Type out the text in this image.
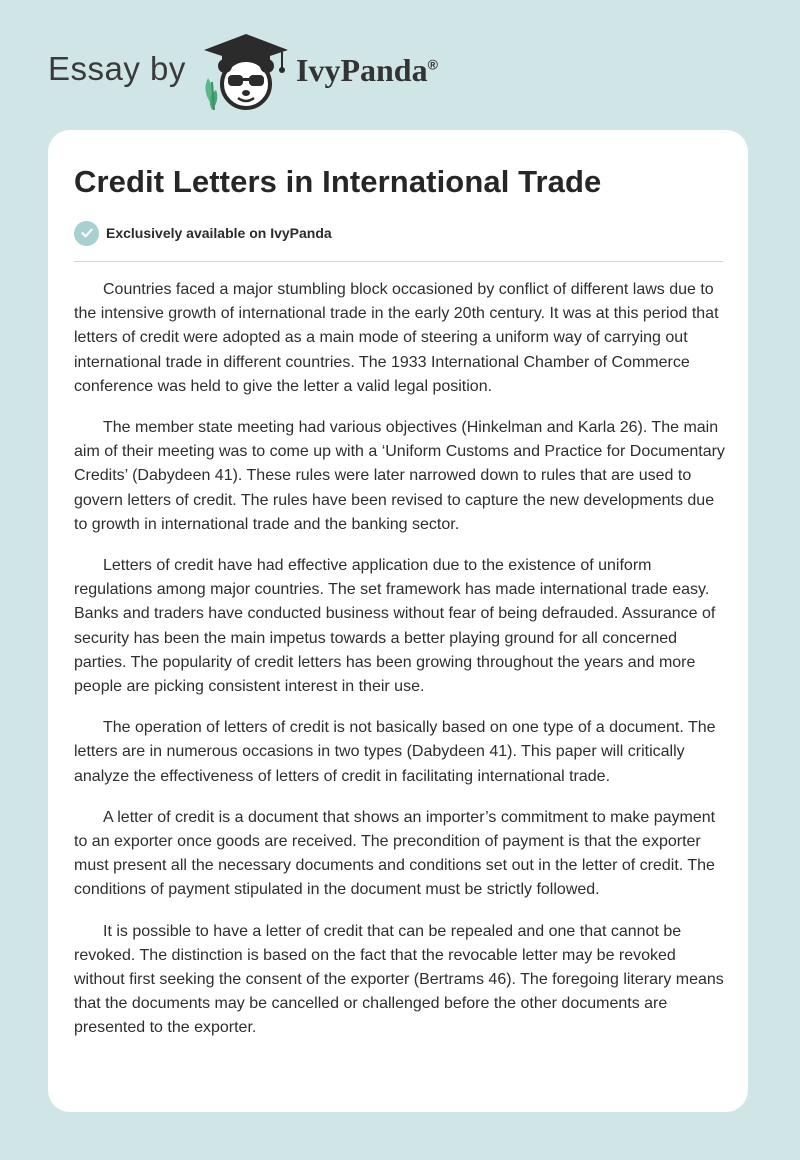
Essay by	IvyPanda®
Credit Letters in International Trade
Exclusively available on IvyPanda

Countries faced a major stumbling block occasioned by conflict of different laws due to the intensive growth of international trade in the early 20th century. It was at this period that letters of credit were adopted as a main mode of steering a uniform way of carrying out international trade in different countries. The 1933 International Chamber of Commerce conference was held to give the letter a valid legal position.

The member state meeting had various objectives (Hinkelman and Karla 26). The main aim of their meeting was to come up with a ‘Uniform Customs and Practice for Documentary Credits’ (Dabydeen 41). These rules were later narrowed down to rules that are used to govern letters of credit. The rules have been revised to capture the new developments due to growth in international trade and the banking sector.

Letters of credit have had effective application due to the existence of uniform regulations among major countries. The set framework has made international trade easy. Banks and traders have conducted business without fear of being defrauded. Assurance of security has been the main impetus towards a better playing ground for all concerned parties. The popularity of credit letters has been growing throughout the years and more people are picking consistent interest in their use.

The operation of letters of credit is not basically based on one type of a document. The letters are in numerous occasions in two types (Dabydeen 41). This paper will critically analyze the effectiveness of letters of credit in facilitating international trade.

A letter of credit is a document that shows an importer’s commitment to make payment to an exporter once goods are received. The precondition of payment is that the exporter must present all the necessary documents and conditions set out in the letter of credit. The conditions of payment stipulated in the document must be strictly followed.

It is possible to have a letter of credit that can be repealed and one that cannot be revoked. The distinction is based on the fact that the revocable letter may be revoked without first seeking the consent of the exporter (Bertrams 46). The foregoing literary means that the documents may be cancelled or challenged before the other documents are presented to the exporter.
